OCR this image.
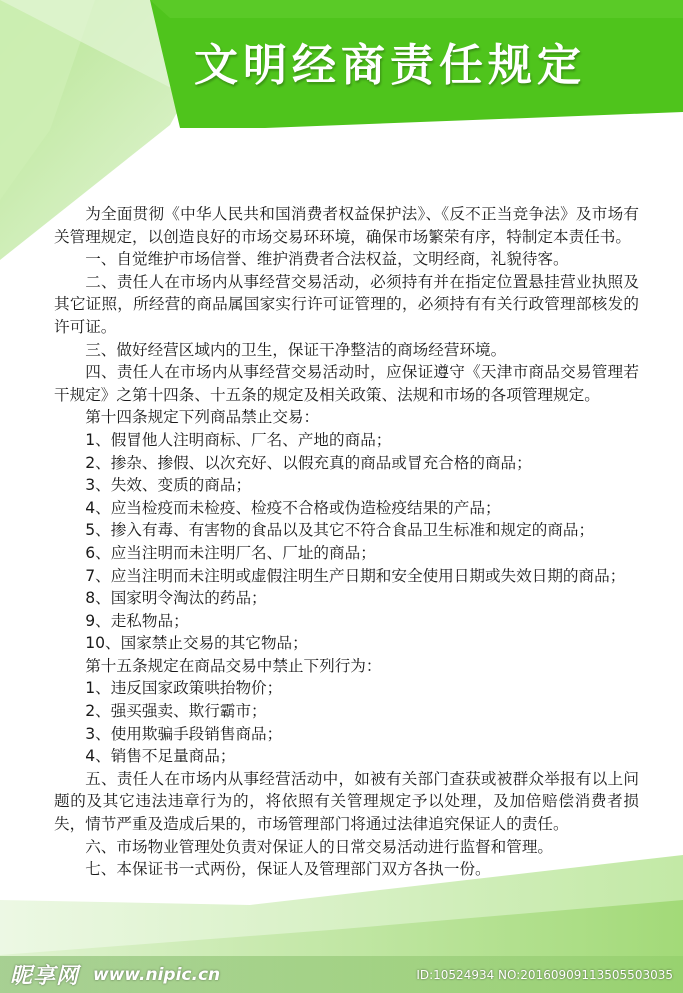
文明经商责任规定

为全面贯彻《中华人民共和国消费者权益保护法》、《反不正当竞争法》及市场有关管理规定，以创造良好的市场交易环环境，确保市场繁荣有序，特制定本责任书。

一、自觉维护市场信誉、维护消费者合法权益，文明经商，礼貌待客。

二、责任人在市场内从事经营交易活动，必须持有并在指定位置悬挂营业执照及其它证照，所经营的商品属国家实行许可证管理的，必须持有有关行政管理部核发的许可证。

三、做好经营区域内的卫生，保证干净整洁的商场经营环境。

四、责任人在市场内从事经营交易活动时，应保证遵守《天津市商品交易管理若干规定》之第十四条、十五条的规定及相关政策、法规和市场的各项管理规定。

第十四条规定下列商品禁止交易：

1、假冒他人注明商标、厂名、产地的商品；

2、掺杂、掺假、以次充好、以假充真的商品或冒充合格的商品；

3、失效、变质的商品；

4、应当检疫而未检疫、检疫不合格或伪造检疫结果的产品；

5、掺入有毒、有害物的食品以及其它不符合食品卫生标准和规定的商品；

6、应当注明而未注明厂名、厂址的商品；

7、应当注明而未注明或虚假注明生产日期和安全使用日期或失效日期的商品；

8、国家明令淘汰的药品；

9、走私物品；

10、国家禁止交易的其它物品；

第十五条规定在商品交易中禁止下列行为：

1、违反国家政策哄抬物价；

2、强买强卖、欺行霸市；

3、使用欺骗手段销售商品；

4、销售不足量商品；

五、责任人在市场内从事经营活动中，如被有关部门查获或被群众举报有以上问题的及其它违法违章行为的，将依照有关管理规定予以处理，及加倍赔偿消费者损失，情节严重及造成后果的，市场管理部门将通过法律追究保证人的责任。

六、市场物业管理处负责对保证人的日常交易活动进行监督和管理。

七、本保证书一式两份，保证人及管理部门双方各执一份。

昵享网 www.nipic.cn	ID:10524934 NO:20160909113505503035
